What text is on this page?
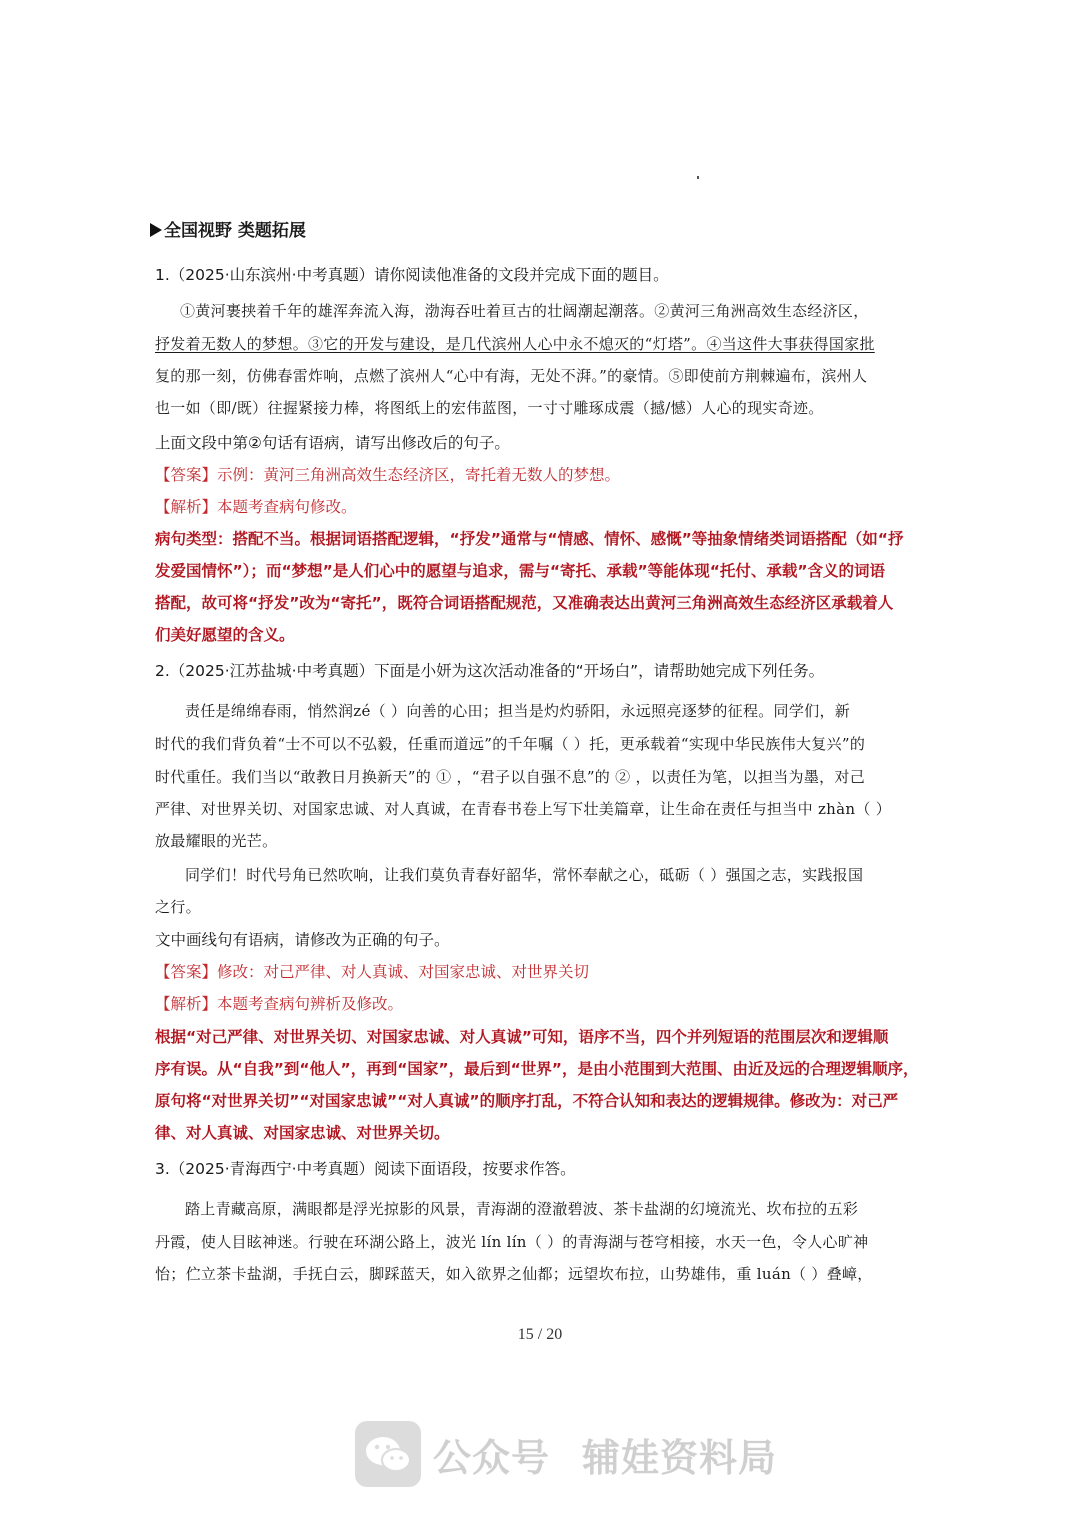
全国视野 类题拓展
1.（2025·山东滨州·中考真题）请你阅读他准备的文段并完成下面的题目。
①黄河裹挟着千年的雄浑奔流入海，渤海吞吐着亘古的壮阔潮起潮落。②黄河三角洲高效生态经济区，
抒发着无数人的梦想。③它的开发与建设，是几代滨州人心中永不熄灭的“灯塔”。④当这件大事获得国家批
复的那一刻，仿佛春雷炸响，点燃了滨州人“心中有海，无处不湃。”的豪情。⑤即使前方荆棘遍布，滨州人
也一如（即/既）往握紧接力棒，将图纸上的宏伟蓝图，一寸寸雕琢成震（撼/憾）人心的现实奇迹。
上面文段中第②句话有语病，请写出修改后的句子。
【答案】示例：黄河三角洲高效生态经济区，寄托着无数人的梦想。
【解析】本题考查病句修改。
病句类型：搭配不当。根据词语搭配逻辑，“抒发”通常与“情感、情怀、感慨”等抽象情绪类词语搭配（如“抒
发爱国情怀”）；而“梦想”是人们心中的愿望与追求，需与“寄托、承载”等能体现“托付、承载”含义的词语
搭配，故可将“抒发”改为“寄托”，既符合词语搭配规范，又准确表达出黄河三角洲高效生态经济区承载着人
们美好愿望的含义。
2.（2025·江苏盐城·中考真题）下面是小妍为这次活动准备的“开场白”，请帮助她完成下列任务。
责任是绵绵春雨，悄然润zé（ ）向善的心田；担当是灼灼骄阳，永远照亮逐梦的征程。同学们，新
时代的我们背负着“士不可以不弘毅，任重而道远”的千年嘱（ ）托，更承载着“实现中华民族伟大复兴”的
时代重任。我们当以“敢教日月换新天”的 ① ，“君子以自强不息”的 ② ，以责任为笔，以担当为墨，对己
严律、对世界关切、对国家忠诚、对人真诚，在青春书卷上写下壮美篇章，让生命在责任与担当中 zhàn（ ）
放最耀眼的光芒。
同学们！时代号角已然吹响，让我们莫负青春好韶华，常怀奉献之心，砥砺（ ）强国之志，实践报国
之行。
文中画线句有语病，请修改为正确的句子。
【答案】修改：对己严律、对人真诚、对国家忠诚、对世界关切
【解析】本题考查病句辨析及修改。
根据“对己严律、对世界关切、对国家忠诚、对人真诚”可知，语序不当，四个并列短语的范围层次和逻辑顺
序有误。从“自我”到“他人”，再到“国家”，最后到“世界”，是由小范围到大范围、由近及远的合理逻辑顺序，
原句将“对世界关切”“对国家忠诚”“对人真诚”的顺序打乱，不符合认知和表达的逻辑规律。修改为：对己严
律、对人真诚、对国家忠诚、对世界关切。
3.（2025·青海西宁·中考真题）阅读下面语段，按要求作答。
踏上青藏高原，满眼都是浮光掠影的风景，青海湖的澄澈碧波、茶卡盐湖的幻境流光、坎布拉的五彩
丹霞，使人目眩神迷。行驶在环湖公路上，波光 lín lín（ ）的青海湖与苍穹相接，水天一色，令人心旷神
怡；伫立茶卡盐湖，手抚白云，脚踩蓝天，如入欲界之仙都；远望坎布拉，山势雄伟，重 luán（ ）叠嶂，
15 / 20
公众号 辅娃资料局
